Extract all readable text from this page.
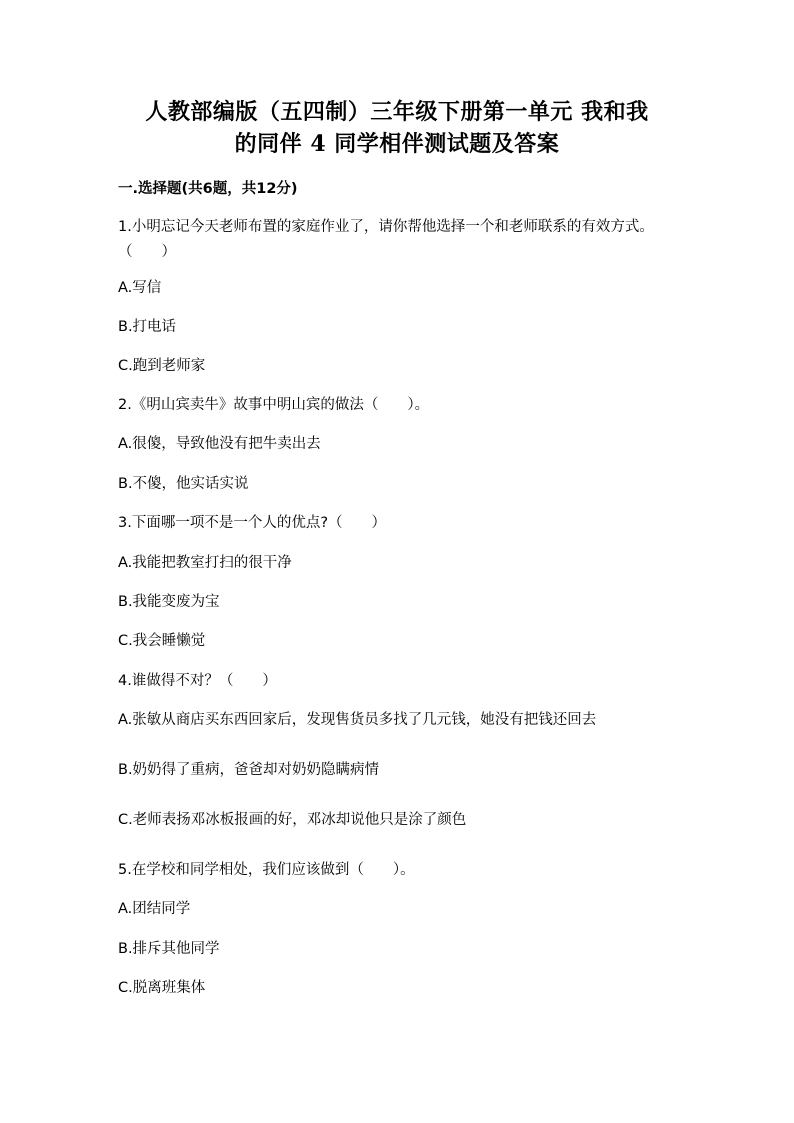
人教部编版（五四制）三年级下册第一单元 我和我
的同伴 4 同学相伴测试题及答案
一.选择题(共6题，共12分)
1.小明忘记今天老师布置的家庭作业了，请你帮他选择一个和老师联系的有效方式。（　　）
A.写信
B.打电话
C.跑到老师家
2.《明山宾卖牛》故事中明山宾的做法（　　）。
A.很傻，导致他没有把牛卖出去
B.不傻，他实话实说
3.下面哪一项不是一个人的优点?（　　）
A.我能把教室打扫的很干净
B.我能变废为宝
C.我会睡懒觉
4.谁做得不对？（　　）
A.张敏从商店买东西回家后，发现售货员多找了几元钱，她没有把钱还回去
B.奶奶得了重病，爸爸却对奶奶隐瞒病情
C.老师表扬邓冰板报画的好，邓冰却说他只是涂了颜色
5.在学校和同学相处，我们应该做到（　　）。
A.团结同学
B.排斥其他同学
C.脱离班集体
